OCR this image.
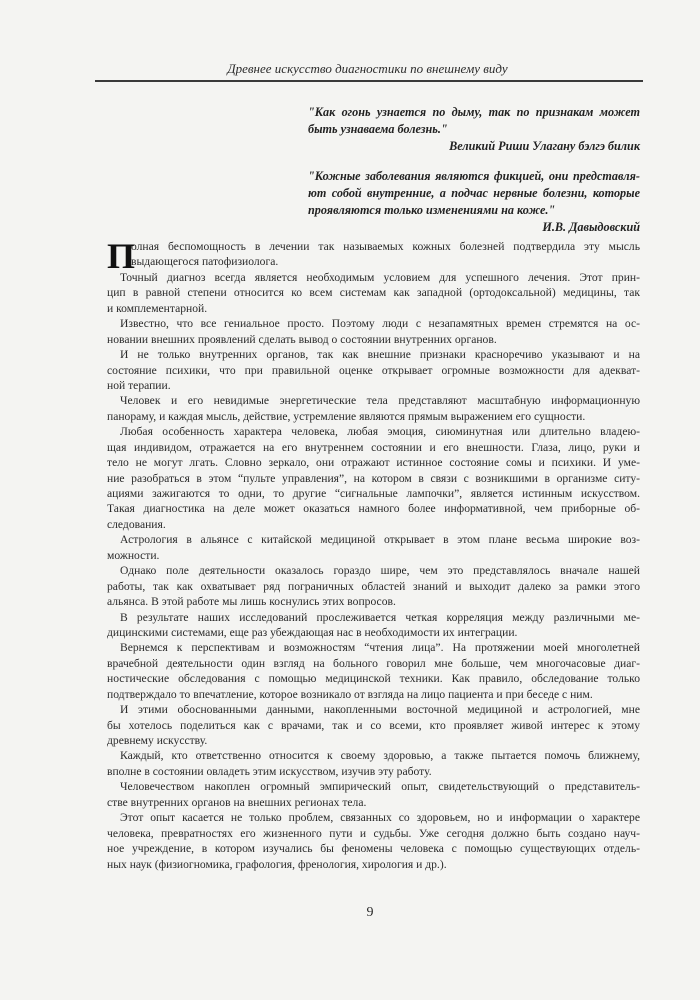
Древнее искусство диагностики по внешнему виду
"Как огонь узнается по дыму, так по признакам может
быть узнаваема болезнь."
Великий Риши Улагану бэлгэ билик
"Кожные заболевания являются фикцией, они представля-
ют собой внутренние, а подчас нервные болезни, которые
проявляются только изменениями на коже."
И.В. Давыдовский
П
олная беспомощность в лечении так называемых кожных болезней подтвердила эту мысль
выдающегося патофизиолога.
Точный диагноз всегда является необходимым условием для успешного лечения. Этот прин-
цип в равной степени относится ко всем системам как западной (ортодоксальной) медицины, так
и комплементарной.
Известно, что все гениальное просто. Поэтому люди с незапамятных времен стремятся на ос-
новании внешних проявлений сделать вывод о состоянии внутренних органов.
И не только внутренних органов, так как внешние признаки красноречиво указывают и на
состояние психики, что при правильной оценке открывает огромные возможности для адекват-
ной терапии.
Человек и его невидимые энергетические тела представляют масштабную информационную
панораму, и каждая мысль, действие, устремление являются прямым выражением его сущности.
Любая особенность характера человека, любая эмоция, сиюминутная или длительно владею-
щая индивидом, отражается на его внутреннем состоянии и его внешности. Глаза, лицо, руки и
тело не могут лгать. Словно зеркало, они отражают истинное состояние сомы и психики. И уме-
ние разобраться в этом “пульте управления”, на котором в связи с возникшими в организме ситу-
ациями зажигаются то одни, то другие “сигнальные лампочки”, является истинным искусством.
Такая диагностика на деле может оказаться намного более информативной, чем приборные об-
следования.
Астрология в альянсе с китайской медициной открывает в этом плане весьма широкие воз-
можности.
Однако поле деятельности оказалось гораздо шире, чем это представлялось вначале нашей
работы, так как охватывает ряд пограничных областей знаний и выходит далеко за рамки этого
альянса. В этой работе мы лишь коснулись этих вопросов.
В результате наших исследований прослеживается четкая корреляция между различными ме-
дицинскими системами, еще раз убеждающая нас в необходимости их интеграции.
Вернемся к перспективам и возможностям “чтения лица”. На протяжении моей многолетней
врачебной деятельности один взгляд на больного говорил мне больше, чем многочасовые диаг-
ностические обследования с помощью медицинской техники. Как правило, обследование только
подтверждало то впечатление, которое возникало от взгляда на лицо пациента и при беседе с ним.
И этими обоснованными данными, накопленными восточной медициной и астрологией, мне
бы хотелось поделиться как с врачами, так и со всеми, кто проявляет живой интерес к этому
древнему искусству.
Каждый, кто ответственно относится к своему здоровью, а также пытается помочь ближнему,
вполне в состоянии овладеть этим искусством, изучив эту работу.
Человечеством накоплен огромный эмпирический опыт, свидетельствующий о представитель-
стве внутренних органов на внешних регионах тела.
Этот опыт касается не только проблем, связанных со здоровьем, но и информации о характере
человека, превратностях его жизненного пути и судьбы. Уже сегодня должно быть создано науч-
ное учреждение, в котором изучались бы феномены человека с помощью существующих отдель-
ных наук (физиогномика, графология, френология, хирология и др.).
9
